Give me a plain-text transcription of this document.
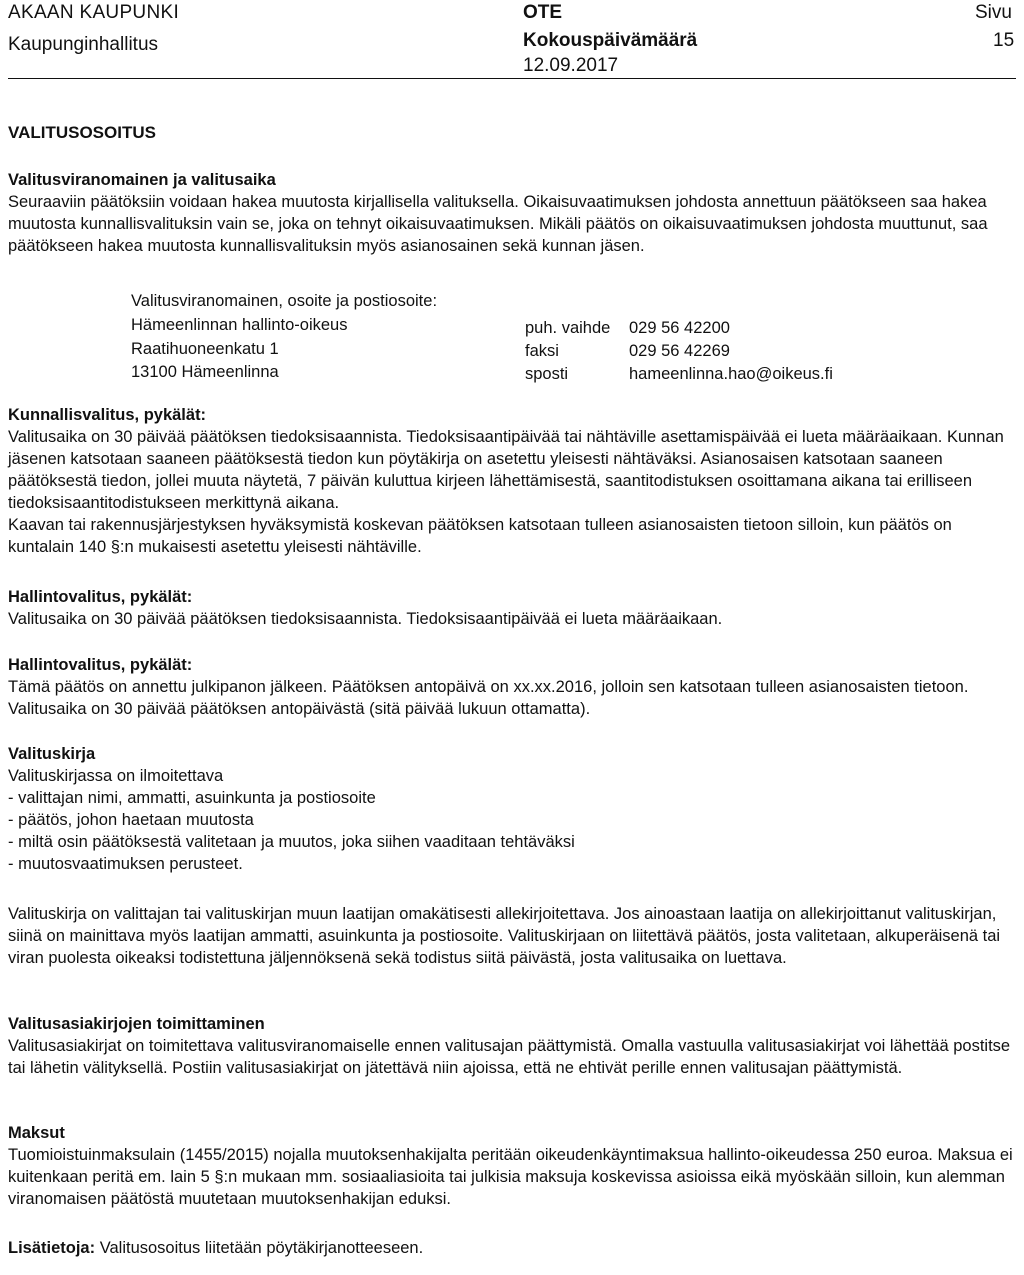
AKAAN KAUPUNKI
Kaupunginhallitus
OTE
Kokouspäivämäärä
12.09.2017
Sivu
15
VALITUSOSOITUS
Valitusviranomainen ja valitusaika
Seuraaviin päätöksiin voidaan hakea muutosta kirjallisella valituksella. Oikaisuvaatimuksen johdosta annettuun päätökseen saa hakea muutosta kunnallisvalituksin vain se, joka on tehnyt oikaisuvaatimuksen. Mikäli päätös on oikaisuvaatimuksen johdosta muuttunut, saa päätökseen hakea muutosta kunnallisvalituksin myös asianosainen sekä kunnan jäsen.
Valitusviranomainen, osoite ja postiosoite:
Hämeenlinnan hallinto-oikeus
Raatihuoneenkatu 1
13100 Hämeenlinna
puh. vaihde 029 56 42200
faksi	029 56 42269
sposti	hameenlinna.hao@oikeus.fi
Kunnallisvalitus, pykälät:
Valitusaika on 30 päivää päätöksen tiedoksisaannista. Tiedoksisaantipäivää tai nähtäville asettamispäivää ei lueta määräaikaan. Kunnan jäsenen katsotaan saaneen päätöksestä tiedon kun pöytäkirja on asetettu yleisesti nähtäväksi. Asianosaisen katsotaan saaneen päätöksestä tiedon, jollei muuta näytetä, 7 päivän kuluttua kirjeen lähettämisestä, saantitodistuksen osoittamana aikana tai erilliseen tiedoksisaantitodistukseen merkittynä aikana.
Kaavan tai rakennusjärjestyksen hyväksymistä koskevan päätöksen katsotaan tulleen asianosaisten tietoon silloin, kun päätös on kuntalain 140 §:n mukaisesti asetettu yleisesti nähtäville.
Hallintovalitus, pykälät:
Valitusaika on 30 päivää päätöksen tiedoksisaannista. Tiedoksisaantipäivää ei lueta määräaikaan.
Hallintovalitus, pykälät:
Tämä päätös on annettu julkipanon jälkeen. Päätöksen antopäivä on xx.xx.2016, jolloin sen katsotaan tulleen asianosaisten tietoon. Valitusaika on 30 päivää päätöksen antopäivästä (sitä päivää lukuun ottamatta).
Valituskirja
Valituskirjassa on ilmoitettava
- valittajan nimi, ammatti, asuinkunta ja postiosoite
- päätös, johon haetaan muutosta
- miltä osin päätöksestä valitetaan ja muutos, joka siihen vaaditaan tehtäväksi
- muutosvaatimuksen perusteet.
Valituskirja on valittajan tai valituskirjan muun laatijan omakätisesti allekirjoitettava. Jos ainoastaan laatija on allekirjoittanut valituskirjan, siinä on mainittava myös laatijan ammatti, asuinkunta ja postiosoite. Valituskirjaan on liitettävä päätös, josta valitetaan, alkuperäisenä tai viran puolesta oikeaksi todistettuna jäljennöksenä sekä todistus siitä päivästä, josta valitusaika on luettava.
Valitusasiakirjojen toimittaminen
Valitusasiakirjat on toimitettava valitusviranomaiselle ennen valitusajan päättymistä. Omalla vastuulla valitusasiakirjat voi lähettää postitse tai lähetin välityksellä. Postiin valitusasiakirjat on jätettävä niin ajoissa, että ne ehtivät perille ennen valitusajan päättymistä.
Maksut
Tuomioistuinmaksulain (1455/2015) nojalla muutoksenhakijalta peritään oikeudenkäyntimaksua hallinto-oikeudessa 250 euroa. Maksua ei kuitenkaan peritä em. lain 5 §:n mukaan mm. sosiaaliasioita tai julkisia maksuja koskevissa asioissa eikä myöskään silloin, kun alemman viranomaisen päätöstä muutetaan muutoksenhakijan eduksi.
Lisätietoja: Valitusosoitus liitetään pöytäkirjanotteeseen.
